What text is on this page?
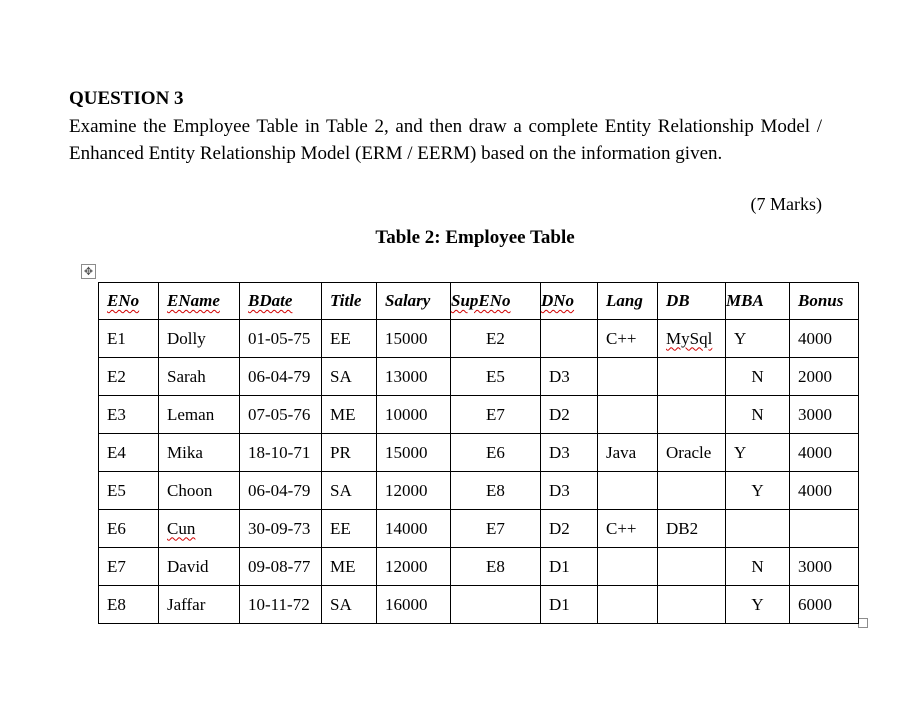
QUESTION 3

Examine the Employee Table in Table 2, and then draw a complete Entity Relationship Model / Enhanced Entity Relationship Model (ERM / EERM) based on the information given.

(7 Marks)
Table 2: Employee Table
✥
ENo	EName	BDate	Title	Salary	SupENo	DNo	Lang	DB	MBA	Bonus
E1	Dolly	01-05-75	EE	15000	E2		C++	MySql	Y	4000
E2	Sarah	06-04-79	SA	13000	E5	D3			N	2000
E3	Leman	07-05-76	ME	10000	E7	D2			N	3000
E4	Mika	18-10-71	PR	15000	E6	D3	Java	Oracle	Y	4000
E5	Choon	06-04-79	SA	12000	E8	D3			Y	4000
E6	Cun	30-09-73	EE	14000	E7	D2	C++	DB2		
E7	David	09-08-77	ME	12000	E8	D1			N	3000
E8	Jaffar	10-11-72	SA	16000		D1			Y	6000
